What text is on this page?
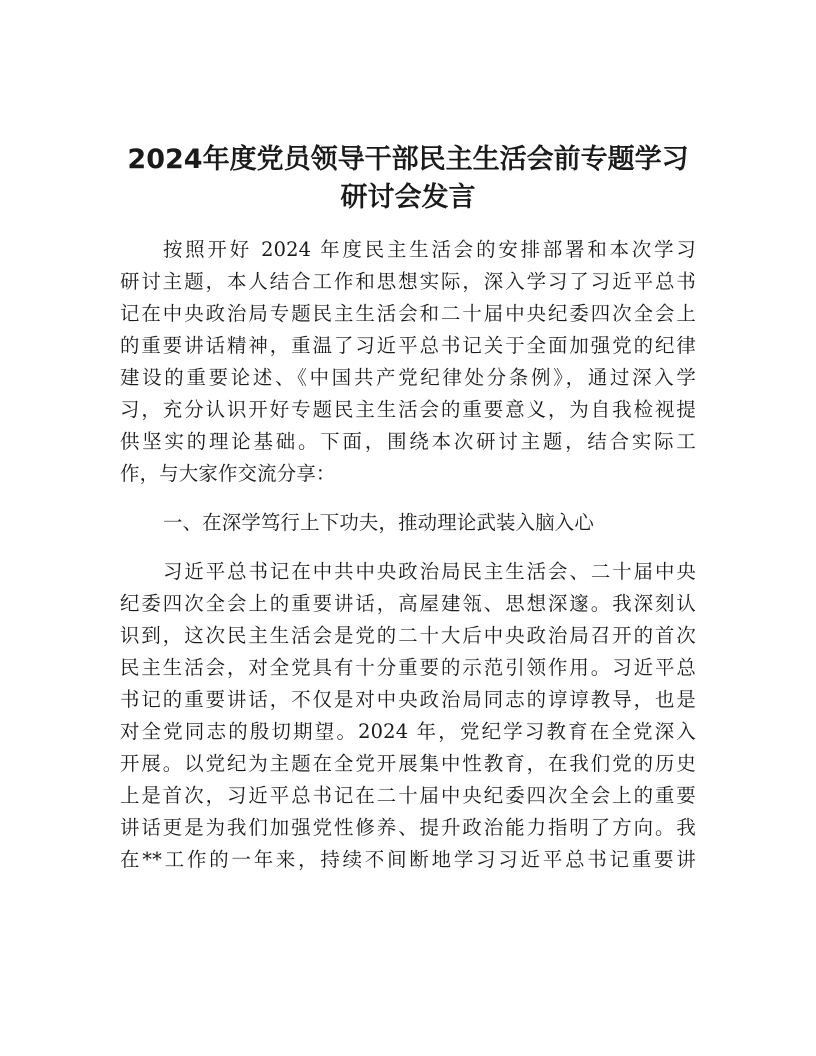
2024年度党员领导干部民主生活会前专题学习
研讨会发言
按照开好 2024 年度民主生活会的安排部署和本次学习
研讨主题，本人结合工作和思想实际，深入学习了习近平总书
记在中央政治局专题民主生活会和二十届中央纪委四次全会上
的重要讲话精神，重温了习近平总书记关于全面加强党的纪律
建设的重要论述、《中国共产党纪律处分条例》，通过深入学
习，充分认识开好专题民主生活会的重要意义，为自我检视提
供坚实的理论基础。下面，围绕本次研讨主题，结合实际工
作，与大家作交流分享：
一、在深学笃行上下功夫，推动理论武装入脑入心
习近平总书记在中共中央政治局民主生活会、二十届中央
纪委四次全会上的重要讲话，高屋建瓴、思想深邃。我深刻认
识到，这次民主生活会是党的二十大后中央政治局召开的首次
民主生活会，对全党具有十分重要的示范引领作用。习近平总
书记的重要讲话，不仅是对中央政治局同志的谆谆教导，也是
对全党同志的殷切期望。2024 年，党纪学习教育在全党深入
开展。以党纪为主题在全党开展集中性教育，在我们党的历史
上是首次，习近平总书记在二十届中央纪委四次全会上的重要
讲话更是为我们加强党性修养、提升政治能力指明了方向。我
在**工作的一年来，持续不间断地学习习近平总书记重要讲
